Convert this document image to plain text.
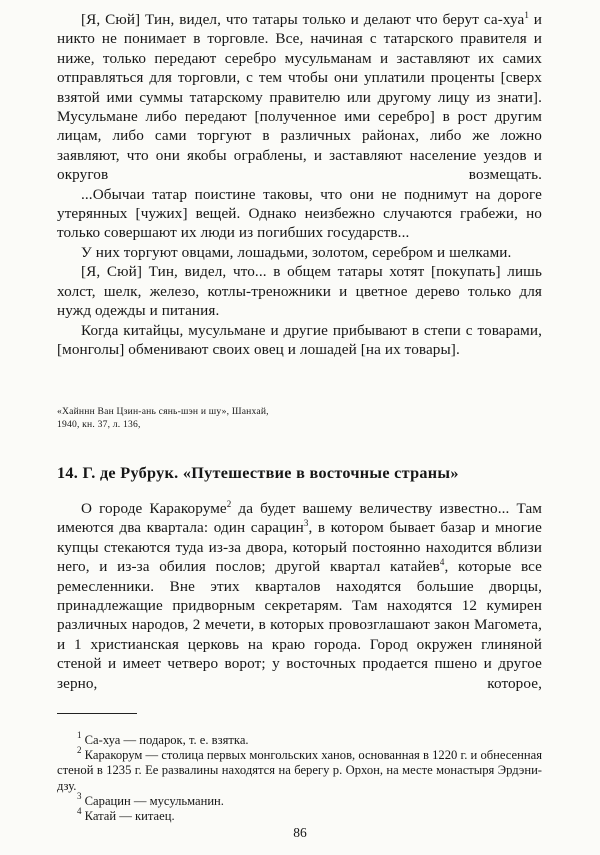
[Я, Сюй] Тин, видел, что татары только и делают что берут са-хуа$^1$ и никто не понимает в торговле. Все, начиная с татарского правителя и ниже, только передают серебро мусульманам и заставляют их самих отправляться для торговли, с тем чтобы они уплатили проценты [сверх взятой ими суммы татарскому правителю или другому лицу из знати]. Мусульмане либо передают [полученное ими серебро] в рост другим лицам, либо сами торгуют в различных районах, либо же ложно заявляют, что они якобы ограблены, и заставляют население уездов и округов возмещать.

...Обычаи татар поистине таковы, что они не поднимут на дороге утерянных [чужих] вещей. Однако неизбежно случаются грабежи, но только совершают их люди из погибших государств...

У них торгуют овцами, лошадьми, золотом, серебром и шелками.

[Я, Сюй] Тин, видел, что... в общем татары хотят [покупать] лишь холст, шелк, железо, котлы-треножники и цветное дерево только для нужд одежды и питания.

Когда китайцы, мусульмане и другие прибывают в степи с товарами, [монголы] обменивают своих овец и лошадей [на их товары].

«Хайннн Ван Цзин-ань сянь-шэн и шу», Шанхай,

1940, кн. 37, л. 136,

14. Г. де Рубрук. «Путешествие в восточные страны»

О городе Каракоруме$^2$ да будет вашему величеству известно... Там имеются два квартала: один сарацин$^3$, в котором бывает базар и многие купцы стекаются туда из-за двора, который постоянно находится вблизи него, и из-за обилия послов; другой квартал катайев$^4$, которые все ремесленники. Вне этих кварталов находятся большие дворцы, принадлежащие придворным секретарям. Там находятся 12 кумирен различных народов, 2 мечети, в которых провозглашают закон Магомета, и 1 христианская церковь на краю города. Город окружен глиняной стеной и имеет четверо ворот; у восточных продается пшено и другое зерно, которое,

$^1$ Са-хуа — подарок, т. е. взятка.

$^2$ Каракорум — столица первых монгольских ханов, основанная в 1220 г. и обнесенная стеной в 1235 г. Ее развалины находятся на берегу р. Орхон, на месте монастыря Эрдэни-дзу.

$^3$ Сарацин — мусульманин.

$^4$ Катай — китаец.

86
